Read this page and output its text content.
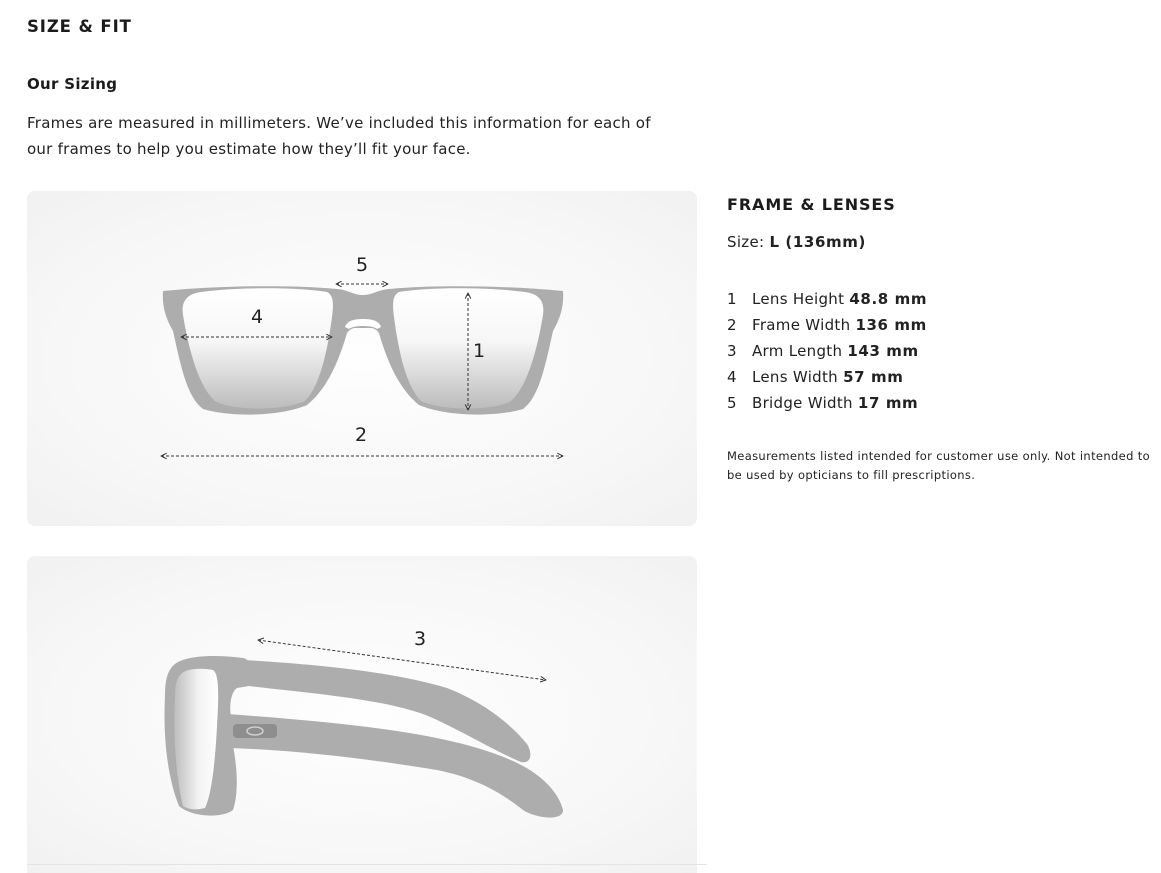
SIZE & FIT
Our Sizing

Frames are measured in millimeters. We’ve included this information for each of
our frames to help you estimate how they’ll fit your face.

5
4
1
2
3
FRAME & LENSES

Size: L (136mm)

1 Lens Height 48.8 mm
2 Frame Width 136 mm
3 Arm Length 143 mm
4 Lens Width 57 mm
5 Bridge Width 17 mm

Measurements listed intended for customer use only. Not intended to
be used by opticians to fill prescriptions.
